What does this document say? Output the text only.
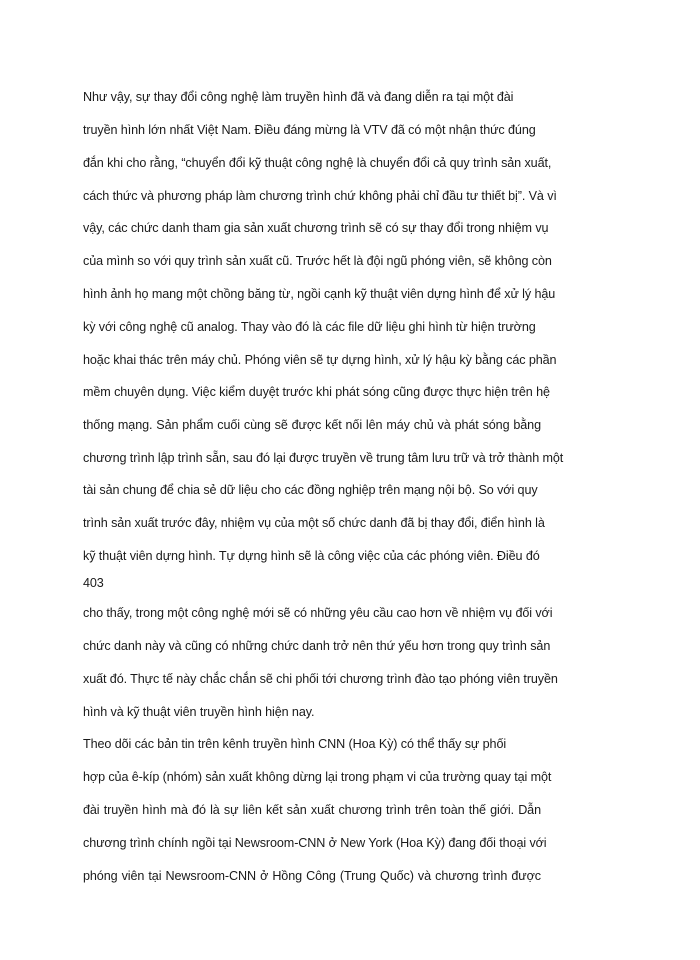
Như vậy, sự thay đổi công nghệ làm truyền hình đã và đang diễn ra tại một đài
truyền hình lớn nhất Việt Nam. Điều đáng mừng là VTV đã có một nhận thức đúng
đắn khi cho rằng, “chuyển đổi kỹ thuật công nghệ là chuyển đổi cả quy trình sản xuất,
cách thức và phương pháp làm chương trình chứ không phải chỉ đầu tư thiết bị”. Và vì
vậy, các chức danh tham gia sản xuất chương trình sẽ có sự thay đổi trong nhiệm vụ
của mình so với quy trình sản xuất cũ. Trước hết là đội ngũ phóng viên, sẽ không còn
hình ảnh họ mang một chồng băng từ, ngồi cạnh kỹ thuật viên dựng hình để xử lý hậu
kỳ với công nghệ cũ analog. Thay vào đó là các file dữ liệu ghi hình từ hiện trường
hoặc khai thác trên máy chủ. Phóng viên sẽ tự dựng hình, xử lý hậu kỳ bằng các phần
mềm chuyên dụng. Việc kiểm duyệt trước khi phát sóng cũng được thực hiện trên hệ
thống mạng. Sản phẩm cuối cùng sẽ được kết nối lên máy chủ và phát sóng bằng
chương trình lập trình sẵn, sau đó lại được truyền về trung tâm lưu trữ và trở thành một
tài sản chung để chia sẻ dữ liệu cho các đồng nghiệp trên mạng nội bộ. So với quy
trình sản xuất trước đây, nhiệm vụ của một số chức danh đã bị thay đổi, điển hình là
kỹ thuật viên dựng hình. Tự dựng hình sẽ là công việc của các phóng viên. Điều đó
403
cho thấy, trong một công nghệ mới sẽ có những yêu cầu cao hơn về nhiệm vụ đối với
chức danh này và cũng có những chức danh trở nên thứ yếu hơn trong quy trình sản
xuất đó. Thực tế này chắc chắn sẽ chi phối tới chương trình đào tạo phóng viên truyền
hình và kỹ thuật viên truyền hình hiện nay.
Theo dõi các bản tin trên kênh truyền hình CNN (Hoa Kỳ) có thể thấy sự phối
hợp của ê-kíp (nhóm) sản xuất không dừng lại trong phạm vi của trường quay tại một
đài truyền hình mà đó là sự liên kết sản xuất chương trình trên toàn thế giới. Dẫn
chương trình chính ngồi tại Newsroom-CNN ở New York (Hoa Kỳ) đang đối thoại với
phóng viên tại Newsroom-CNN ở Hồng Công (Trung Quốc) và chương trình được
